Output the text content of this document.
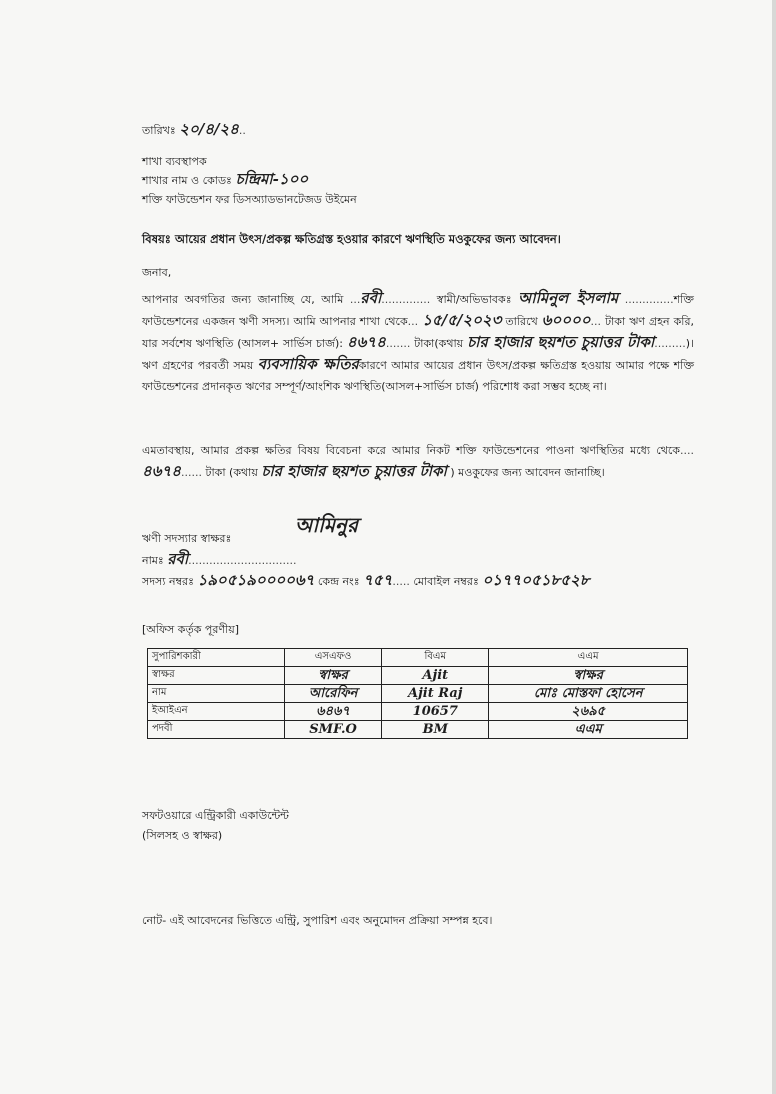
তারিখঃ ২০/৪/২৪..
শাখা ব্যবস্থাপক
শাখার নাম ও কোডঃ চন্দ্রিমা-১০০
শক্তি ফাউন্ডেশন ফর ডিসঅ্যাডভানটেজড উইমেন
বিষয়ঃ আয়ের প্রধান উৎস/প্রকল্প ক্ষতিগ্রস্ত হওয়ার কারণে ঋণস্থিতি মওকুফের জন্য আবেদন।
জনাব,
আপনার অবগতির জন্য জানাচ্ছি যে, আমি ...রবী.............. স্বামী/অভিভাবকঃ আমিনুল ইসলাম ..............শক্তি ফাউন্ডেশনের একজন ঋণী সদস্য। আমি আপনার শাখা থেকে... ১৫/৫/২০২৩ তারিখে ৬০০০০... টাকা ঋণ গ্রহন করি, যার সর্বশেষ ঋণস্থিতি (আসল+ সার্ভিস চার্জ): ৪৬৭৪....... টাকা(কথায় চার হাজার ছয়শত চুয়াত্তর টাকা.........)। ঋণ গ্রহণের পরবর্তী সময় ব্যবসায়িক ক্ষতিরকারণে আমার আয়ের প্রধান উৎস/প্রকল্প ক্ষতিগ্রস্ত হওয়ায় আমার পক্ষে শক্তি ফাউন্ডেশনের প্রদানকৃত ঋণের সম্পূর্ণ/আংশিক ঋণস্থিতি(আসল+সার্ভিস চার্জ) পরিশোধ করা সম্ভব হচ্ছে না।
এমতাবস্থায়, আমার প্রকল্প ক্ষতির বিষয় বিবেচনা করে আমার নিকট শক্তি ফাউন্ডেশনের পাওনা ঋণস্থিতির মধ্যে থেকে.... ৪৬৭৪...... টাকা (কথায় চার হাজার ছয়শত চুয়াত্তর টাকা ) মওকুফের জন্য আবেদন জানাচ্ছি।
ঋণী সদস্যার স্বাক্ষরঃ আমিনুর
নামঃ রবী...............................
সদস্য নম্বরঃ ১৯০৫১৯০০০০৬৭ কেন্দ্র নংঃ ৭৫৭..... মোবাইল নম্বরঃ ০১৭৭০৫১৮৫২৮
[অফিস কর্তৃক পূরণীয়]
সুপারিশকারী	এসএফও	বিএম	এএম
স্বাক্ষর	স্বাক্ষর	Ajit	স্বাক্ষর
নাম	আরেফিন	Ajit Raj	মোঃ মোস্তফা হোসেন
ইআইএন	৬৪৬৭	10657	২৬৯৫
পদবী	SMF.O	BM	এএম
সফটওয়ারে এন্ট্রিকারী একাউন্টেন্ট
(সিলসহ ও স্বাক্ষর)
নোট- এই আবেদনের ভিত্তিতে এন্ট্রি, সুপারিশ এবং অনুমোদন প্রক্রিয়া সম্পন্ন হবে।
